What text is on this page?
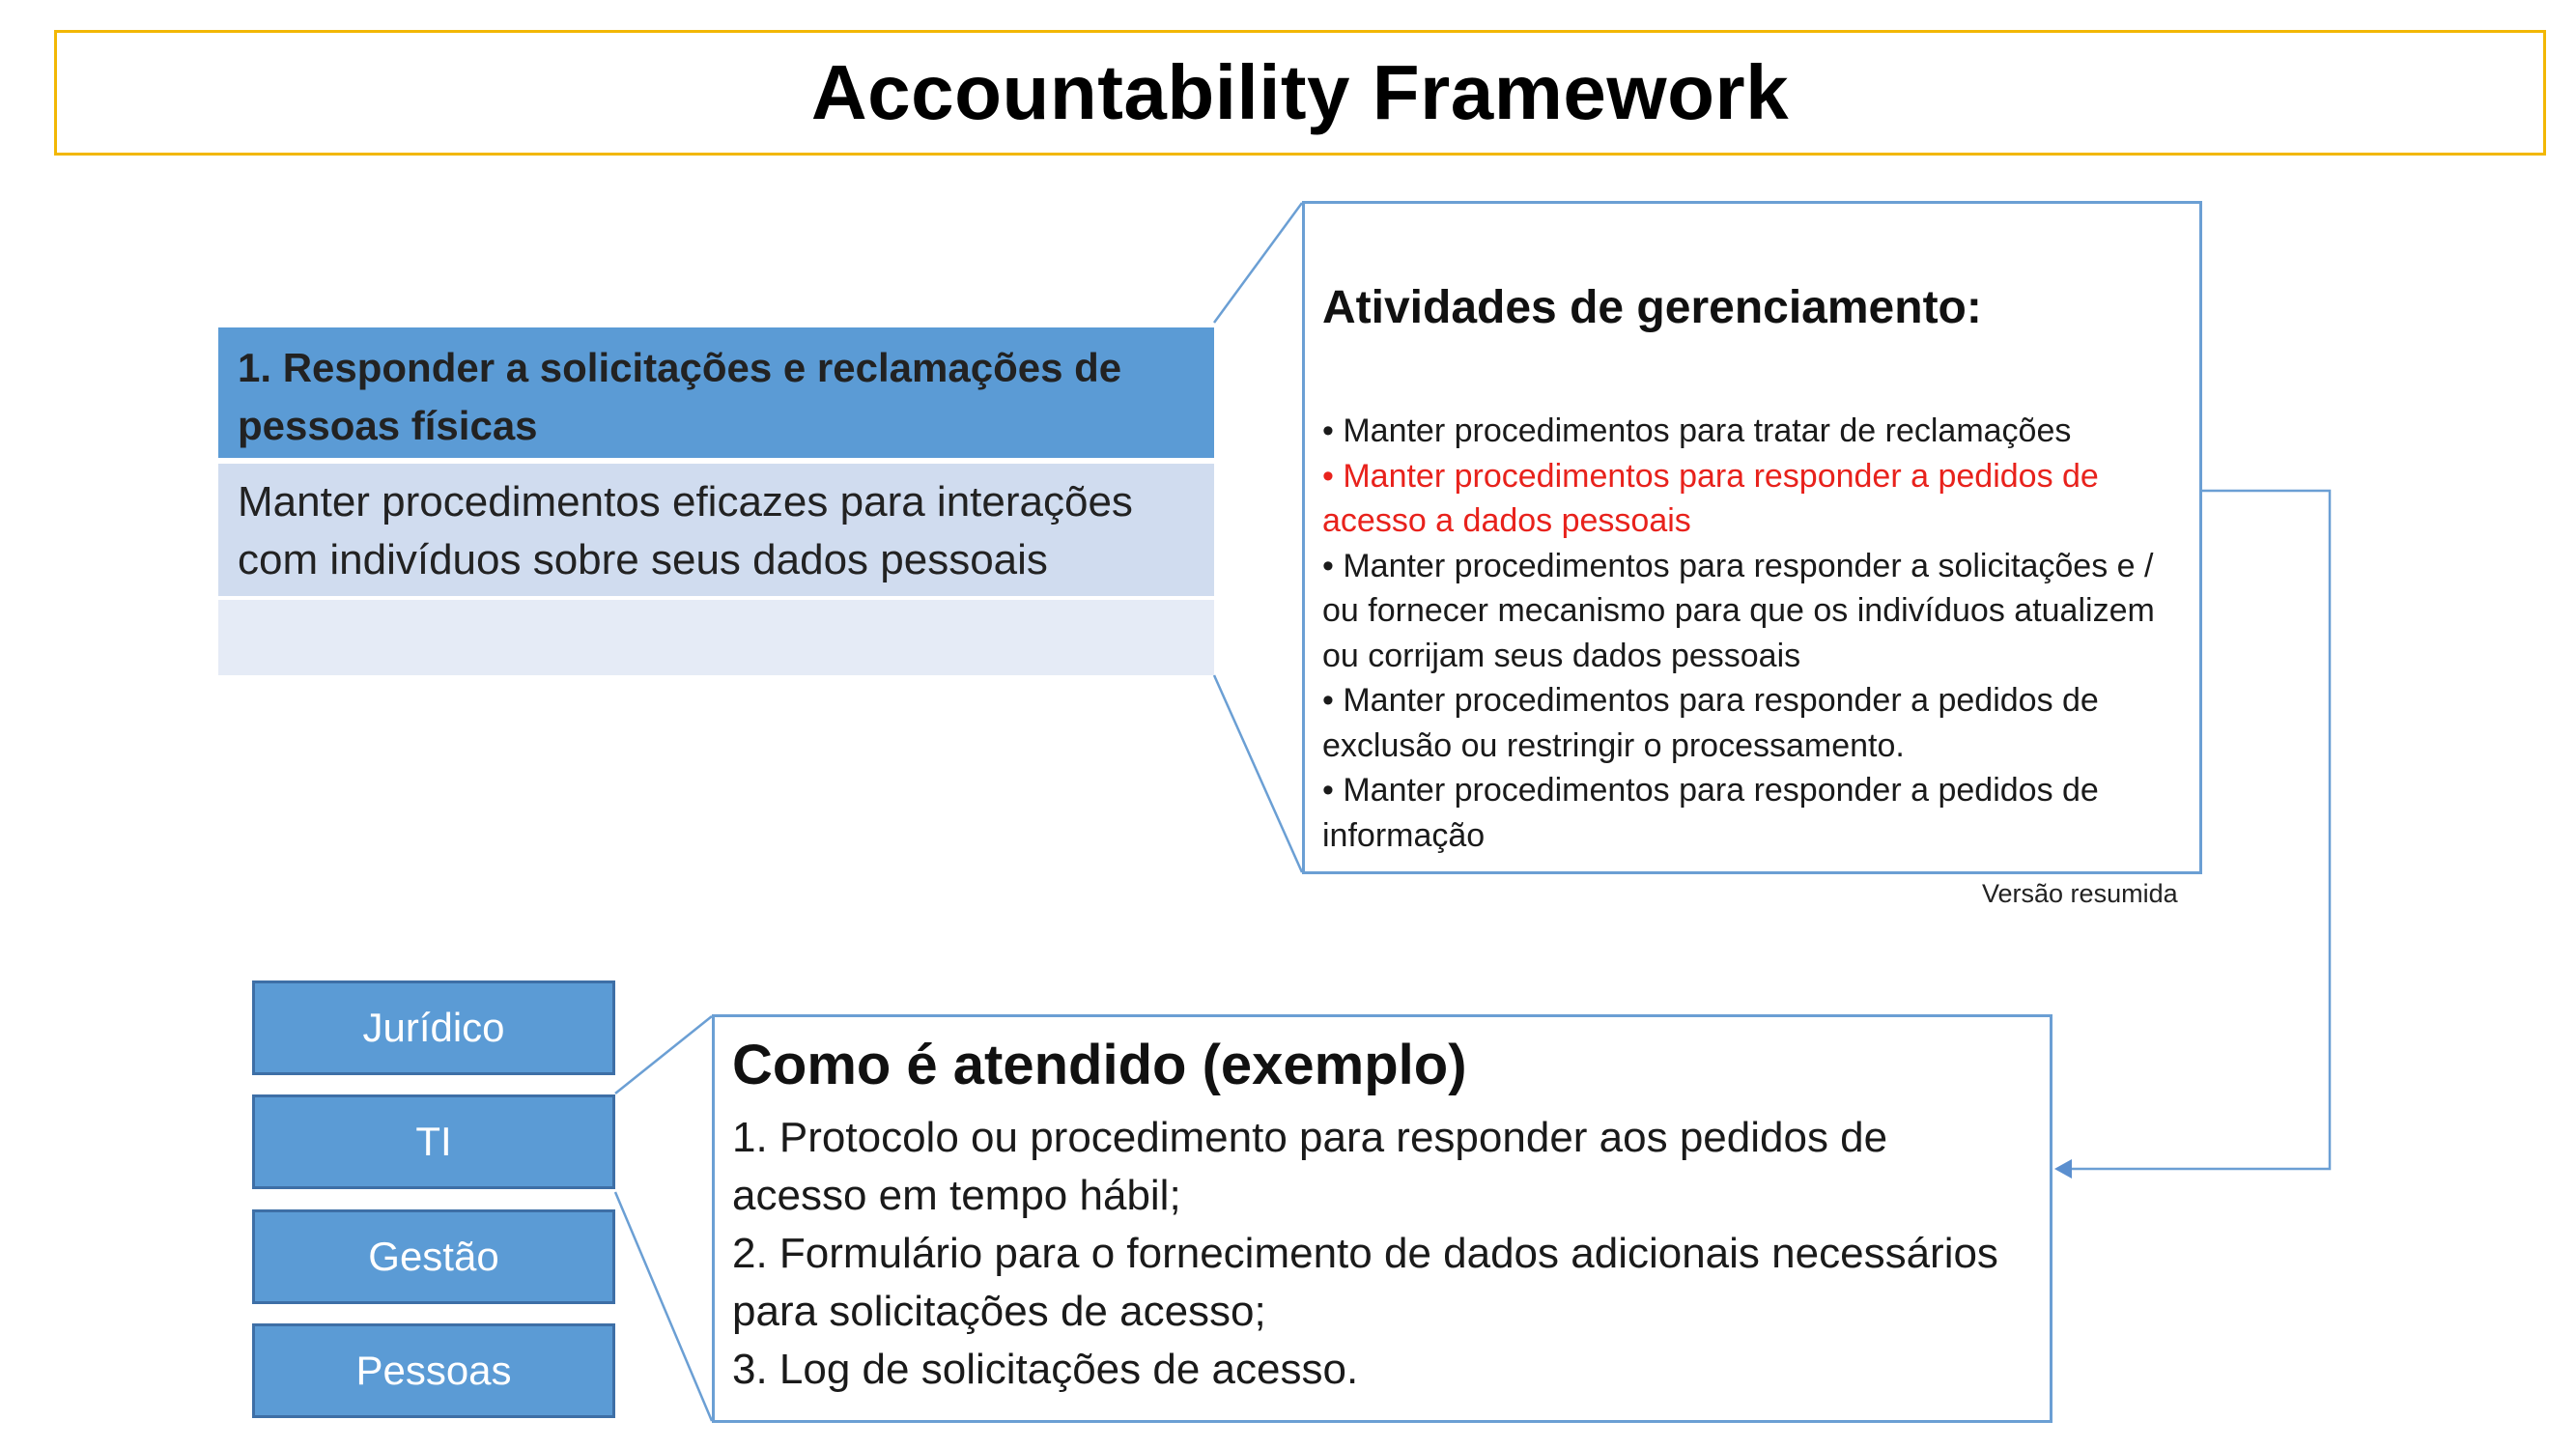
Accountability Framework
1. Responder a solicitações e reclamações de pessoas físicas
Manter procedimentos eficazes para interações com indivíduos sobre seus dados pessoais
Atividades de gerenciamento:
• Manter procedimentos para tratar de reclamações
• Manter procedimentos para responder a pedidos de acesso a dados pessoais
• Manter procedimentos para responder a solicitações e / ou fornecer mecanismo para que os indivíduos atualizem ou corrijam seus dados pessoais
• Manter procedimentos para responder a pedidos de exclusão ou restringir o processamento.
• Manter procedimentos para responder a pedidos de informação
Versão resumida
Jurídico
TI
Gestão
Pessoas
Como é atendido (exemplo)
1. Protocolo ou procedimento para responder aos pedidos de acesso em tempo hábil;
2. Formulário para o fornecimento de dados adicionais necessários para solicitações de acesso;
3. Log de solicitações de acesso.
